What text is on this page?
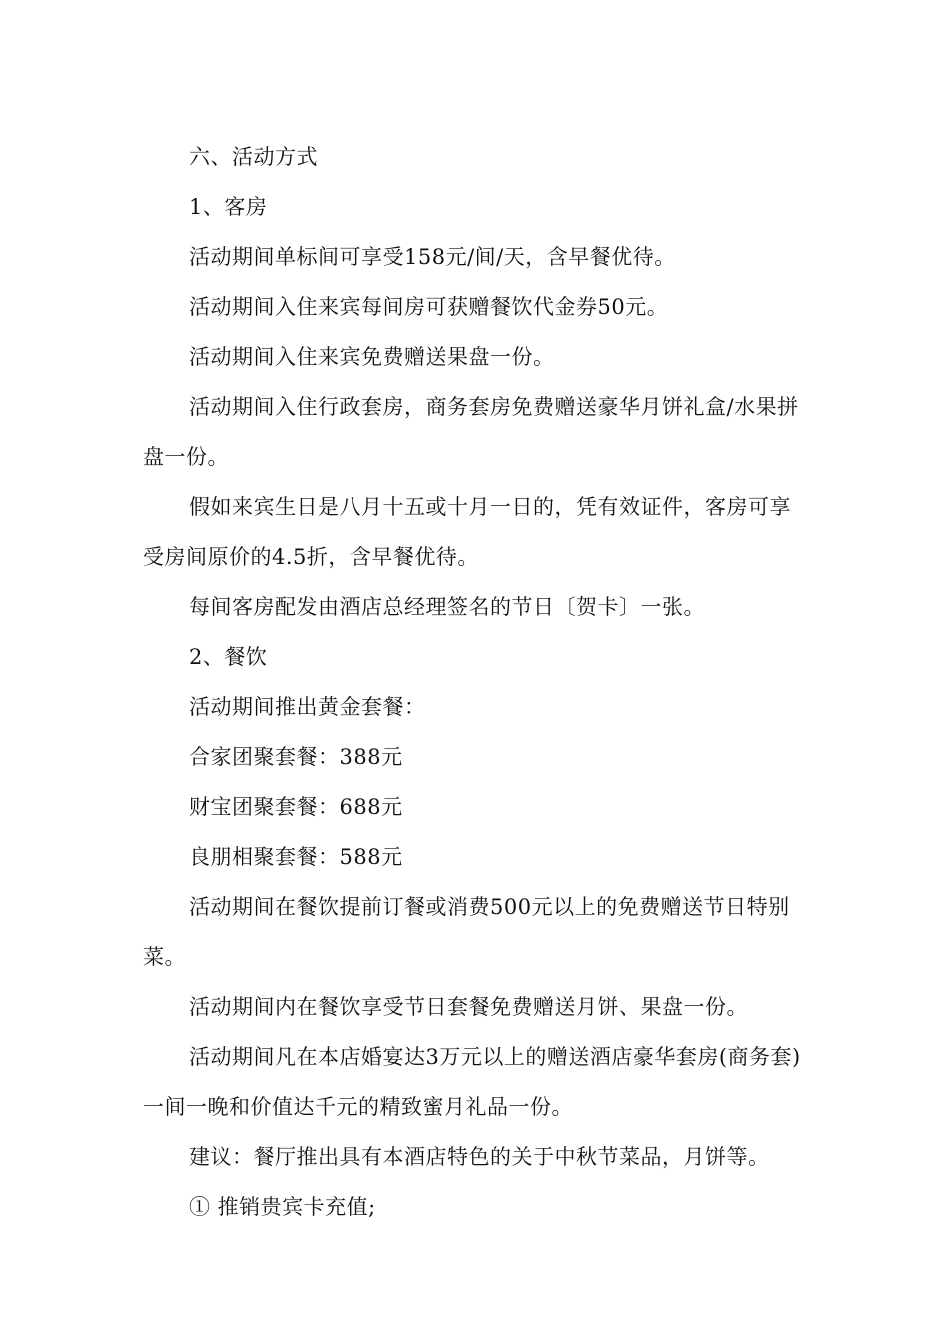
六、活动方式

1、客房

活动期间单标间可享受158元/间/天，含早餐优待。

活动期间入住来宾每间房可获赠餐饮代金券50元。

活动期间入住来宾免费赠送果盘一份。

活动期间入住行政套房，商务套房免费赠送豪华月饼礼盒/水果拼盘一份。

假如来宾生日是八月十五或十月一日的，凭有效证件，客房可享受房间原价的4.5折，含早餐优待。

每间客房配发由酒店总经理签名的节日〔贺卡〕一张。

2、餐饮

活动期间推出黄金套餐：

合家团聚套餐：388元

财宝团聚套餐：688元

良朋相聚套餐：588元

活动期间在餐饮提前订餐或消费500元以上的免费赠送节日特别菜。

活动期间内在餐饮享受节日套餐免费赠送月饼、果盘一份。

活动期间凡在本店婚宴达3万元以上的赠送酒店豪华套房(商务套)一间一晚和价值达千元的精致蜜月礼品一份。

建议：餐厅推出具有本酒店特色的关于中秋节菜品，月饼等。

① 推销贵宾卡充值;
